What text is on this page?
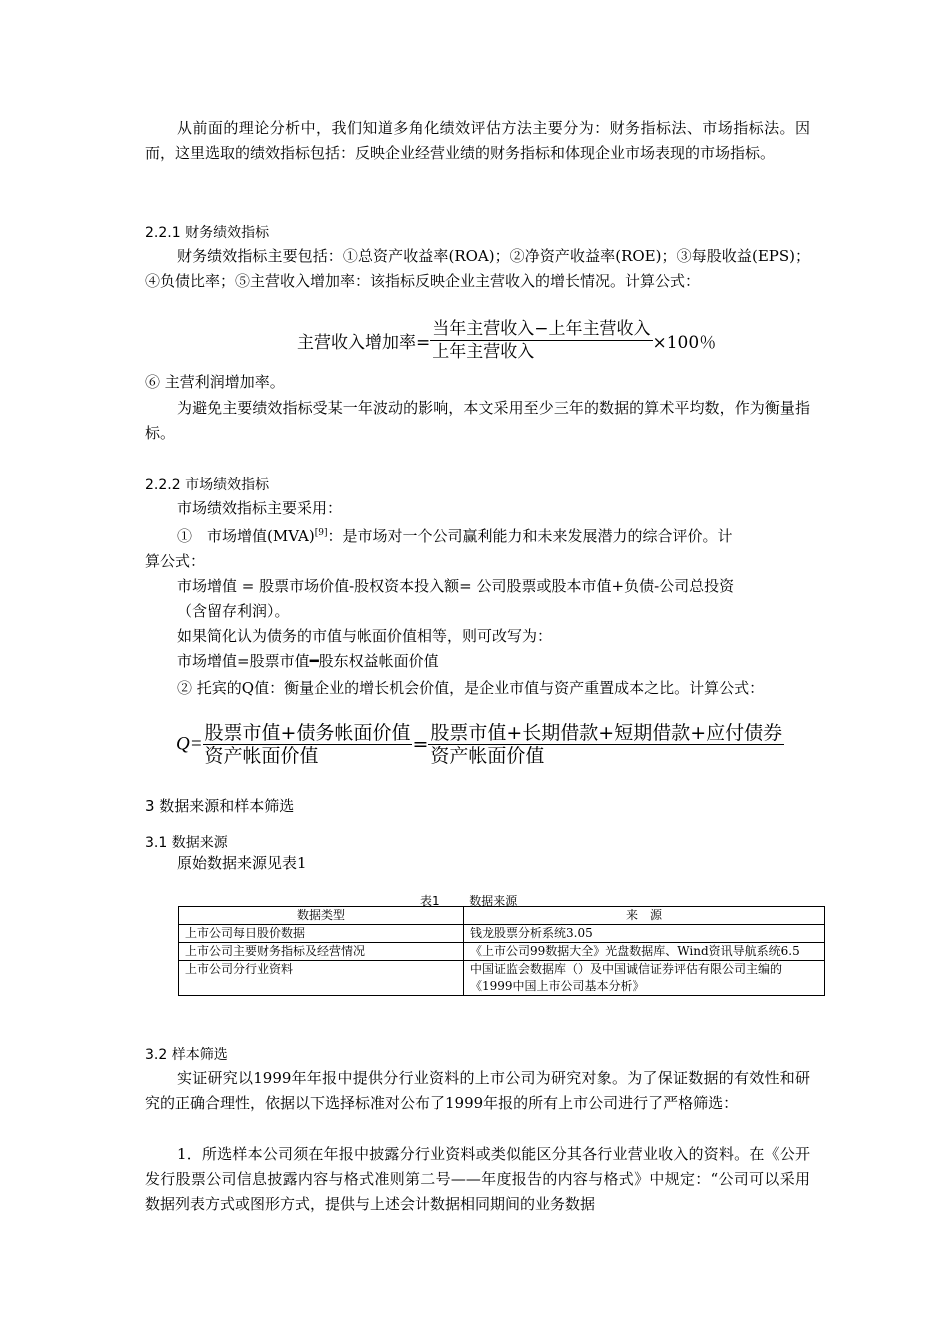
从前面的理论分析中，我们知道多角化绩效评估方法主要分为：财务指标法、市场指标法。因而，这里选取的绩效指标包括：反映企业经营业绩的财务指标和体现企业市场表现的市场指标。

2.2.1 财务绩效指标

财务绩效指标主要包括：①总资产收益率(ROA)；②净资产收益率(ROE)；③每股收益(EPS)；④负债比率；⑤主营收入增加率：该指标反映企业主营收入的增长情况。计算公式：

主营收入增加率= $\frac{\text{当年主营收入−上年主营收入}}{\text{上年主营收入}} \times 100$％

⑥ 主营利润增加率。

为避免主要绩效指标受某一年波动的影响，本文采用至少三年的数据的算术平均数，作为衡量指标。

2.2.2 市场绩效指标

市场绩效指标主要采用：

①　市场增值(MVA)[9]：是市场对一个公司赢利能力和未来发展潜力的综合评价。计
算公式：

市场增值 = 股票市场价值-股权资本投入额= 公司股票或股本市值+负债-公司总投资

（含留存利润）。

如果简化认为债务的市值与帐面价值相等，则可改写为：

市场增值=股票市值━股东权益帐面价值

② 托宾的Q值：衡量企业的增长机会价值，是企业市值与资产重置成本之比。计算公式：

$Q= \frac{\text{股票市值+债务帐面价值}}{\text{资产帐面价值}} = \frac{\text{股票市值+长期借款+短期借款+应付债券}}{\text{资产帐面价值}}$

3 数据来源和样本筛选

3.1 数据来源

原始数据来源见表1

表1 数据来源
数据类型	来　源
上市公司每日股价数据	钱龙股票分析系统3.05
上市公司主要财务指标及经营情况	《上市公司99数据大全》光盘数据库、Wind资讯导航系统6.5
上市公司分行业资料	中国证监会数据库（）及中国诚信证券评估有限公司主编的《1999中国上市公司基本分析》

3.2 样本筛选

实证研究以1999年年报中提供分行业资料的上市公司为研究对象。为了保证数据的有效性和研究的正确合理性，依据以下选择标准对公布了1999年报的所有上市公司进行了严格筛选：

1．所选样本公司须在年报中披露分行业资料或类似能区分其各行业营业收入的资料。在《公开发行股票公司信息披露内容与格式准则第二号——年度报告的内容与格式》中规定：“公司可以采用数据列表方式或图形方式，提供与上述会计数据相同期间的业务数据
